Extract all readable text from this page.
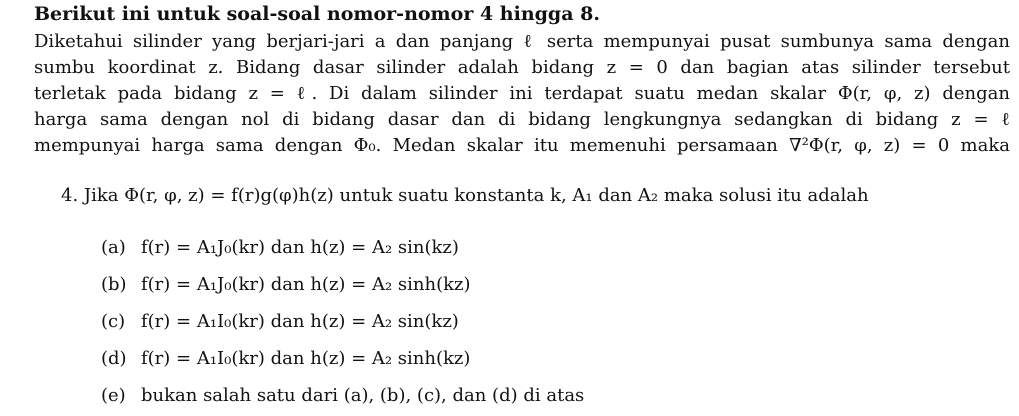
Berikut ini untuk soal-soal nomor-nomor 4 hingga 8.
Diketahui silinder yang berjari-jari a dan panjang ℓ serta mempunyai pusat sumbunya sama dengan
sumbu koordinat z. Bidang dasar silinder adalah bidang z = 0 dan bagian atas silinder tersebut
terletak pada bidang z = ℓ. Di dalam silinder ini terdapat suatu medan skalar Φ(r, φ, z) dengan
harga sama dengan nol di bidang dasar dan di bidang lengkungnya sedangkan di bidang z = ℓ
mempunyai harga sama dengan Φ₀. Medan skalar itu memenuhi persamaan ∇²Φ(r, φ, z) = 0 maka
4. Jika Φ(r, φ, z) = f(r)g(φ)h(z) untuk suatu konstanta k, A₁ dan A₂ maka solusi itu adalah
(a) f(r) = A₁J₀(kr) dan h(z) = A₂ sin(kz)
(b) f(r) = A₁J₀(kr) dan h(z) = A₂ sinh(kz)
(c) f(r) = A₁I₀(kr) dan h(z) = A₂ sin(kz)
(d) f(r) = A₁I₀(kr) dan h(z) = A₂ sinh(kz)
(e) bukan salah satu dari (a), (b), (c), dan (d) di atas
